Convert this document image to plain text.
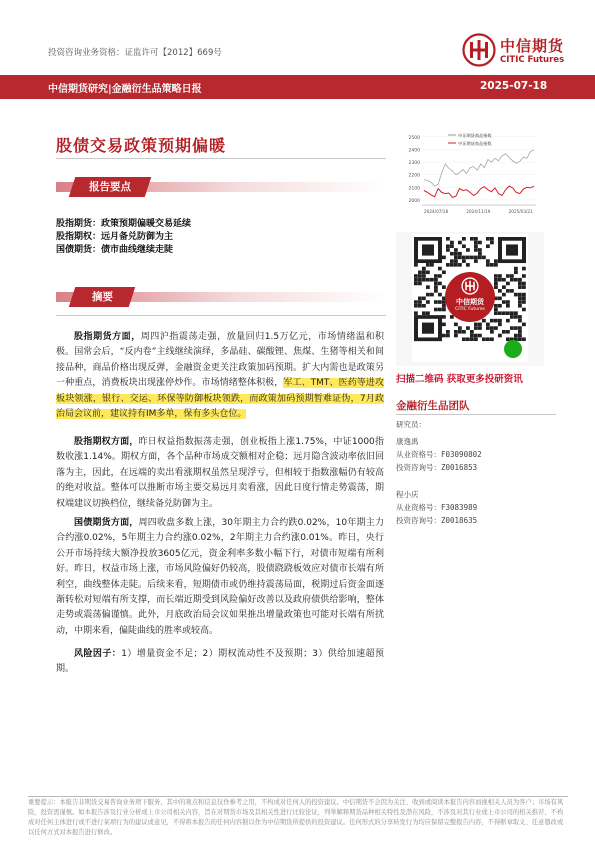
投资咨询业务资格：证监许可【2012】669号	中信期货
CITIC Futures
中信期货研究|金融衍生品策略日报	2025-07-18
股债交易政策预期偏暖
报告要点
股指期货：政策预期偏暖交易延续
股指期权：远月备兑防御为主
国债期货：债市曲线继续走陡
摘要
股指期货方面，周四沪指震荡走强，放量回归1.5万亿元，市场情绪温和积极。国常会后，“反内卷”主线继续演绎，多晶硅、碳酸锂、焦煤、生猪等相关和间接品种，商品价格出现反弹，金融资金更关注政策加码预期。扩大内需也是政策另一种重点，消费板块出现涨停炒作。市场情绪整体积极，军工、TMT、医药等进攻板块领涨，银行、交运、环保等防御板块领跌，而政策加码预期暂难证伪，7月政治局会议前，建议持有IM多单，保有多头仓位。
股指期权方面，昨日权益指数振荡走强，创业板指上涨1.75%，中证1000指数收涨1.14%。期权方面，各个品种市场成交额相对企稳；远月隐含波动率依旧回落为主，因此，在远端的卖出看涨期权虽然呈现浮亏，但相较于指数涨幅仍有较高的绝对收益。整体可以推断市场主要交易远月卖看涨，因此日度行情走势震荡，期权端建议切换档位，继续备兑防御为主。
国债期货方面，周四收盘多数上涨，30年期主力合约跌0.02%，10年期主力合约涨0.02%，5年期主力合约涨0.02%，2年期主力合约涨0.01%。昨日，央行公开市场持续大额净投放3605亿元，资金利率多数小幅下行，对债市短端有所利好。昨日，权益市场上涨，市场风险偏好仍较高，股债跷跷板效应对债市长端有所利空，曲线整体走陡。后续来看，短期债市或仍维持震荡局面，税期过后资金面逐渐转松对短端有所支撑，而长端近期受到风险偏好改善以及政府债供给影响，整体走势或震荡偏谨慎。此外，月底政治局会议如果推出增量政策也可能对长端有所扰动，中期来看，偏陡曲线的胜率或较高。
风险因子：1）增量资金不足；2）期权流动性不及预期；3）供给加速超预期。
2500
2400
2300
2200
2100
2000
中证期货商品指数
中证期货商品指数
2024/07/18	2024/11/19	2025/03/21
中信期货
CITIC Futures
扫描二维码 获取更多投研资讯
金融衍生品团队
研究员：
康逸禹
从业资格号：F03090802
投资咨询号：Z0016853
程小庆
从业资格号：F3083989
投资咨询号：Z0018635
重要提示：本报告非期货交易咨询业务项下服务，其中的观点和信息仅作参考之用，不构成对任何人的投资建议。中信期货不会因为关注、收到或阅读本报告内容而视相关人员为客户；市场有风险，投资需谨慎。如本报告涉及行业分析或上市公司相关内容，旨在对期货市场及其相关性进行比较论证，列举解释期货品种相关特性及潜在风险，不涉及对其行业或上市公司的相关推荐，不构成对任何主体进行或不进行某项行为的建议或意见，不得将本报告的任何内容据以作为中信期货所提供的投资建议。任何形式的分享转发行为均应保留完整报告内容，不得断章取义、任意篡改或以任何方式对本报告进行修改。
